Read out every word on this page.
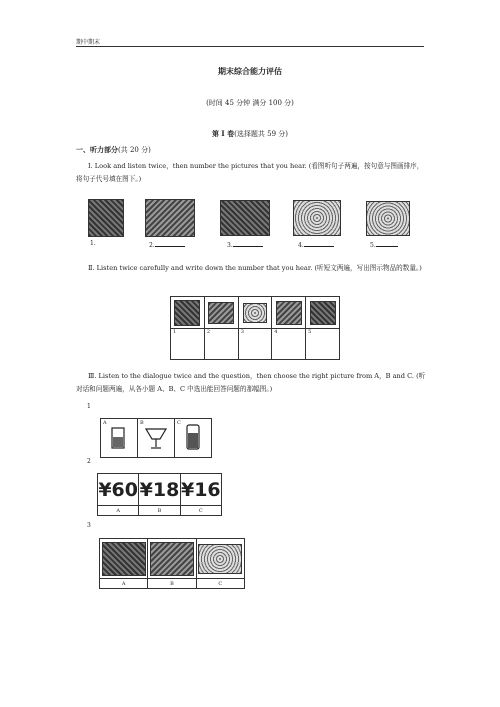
期中期末
期末综合能力评估
(时间 45 分钟 满分 100 分)
第 I 卷(选择题共 59 分)
一、听力部分(共 20 分)
Ⅰ. Look and listen twice，then number the pictures that you hear. (看图听句子两遍，按句意与图画排序，将句子代号填在图下。)
1.	2.	3.	4.	5.
Ⅱ. Listen twice carefully and write down the number that you hear. (听短文两遍，写出图示物品的数量。)

1	2	3	4	5
Ⅲ. Listen to the dialogue twice and the question，then choose the right picture from A，B and C. (听对话和问题两遍，从各小题 A、B、C 中选出能回答问题的那幅图。)
1
A	B	C
2
¥60	¥18	¥16
A	B	C
3

A	B	C
